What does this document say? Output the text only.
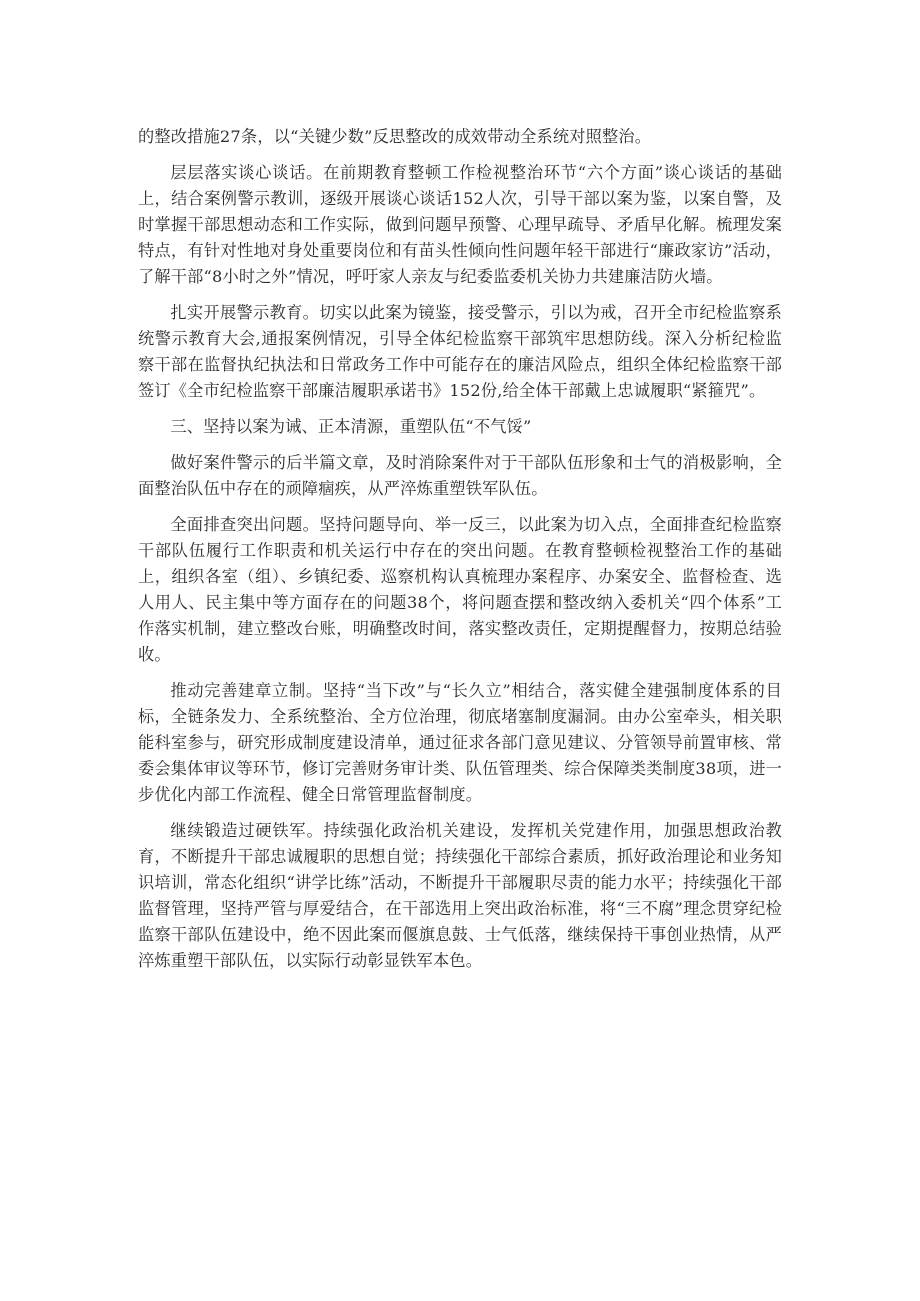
的整改措施27条，以“关键少数”反思整改的成效带动全系统对照整治。

层层落实谈心谈话。在前期教育整顿工作检视整治环节“六个方面”谈心谈话的基础上，结合案例警示教训，逐级开展谈心谈话152人次，引导干部以案为鉴，以案自警，及时掌握干部思想动态和工作实际，做到问题早预警、心理早疏导、矛盾早化解。梳理发案特点，有针对性地对身处重要岗位和有苗头性倾向性问题年轻干部进行“廉政家访”活动，了解干部“8小时之外”情况，呼吁家人亲友与纪委监委机关协力共建廉洁防火墙。

扎实开展警示教育。切实以此案为镜鉴，接受警示，引以为戒，召开全市纪检监察系统警示教育大会,通报案例情况，引导全体纪检监察干部筑牢思想防线。深入分析纪检监察干部在监督执纪执法和日常政务工作中可能存在的廉洁风险点，组织全体纪检监察干部签订《全市纪检监察干部廉洁履职承诺书》152份,给全体干部戴上忠诚履职“紧箍咒”。

三、坚持以案为诫、正本清源，重塑队伍“不气馁”

做好案件警示的后半篇文章，及时消除案件对于干部队伍形象和士气的消极影响，全面整治队伍中存在的顽障痼疾，从严淬炼重塑铁军队伍。

全面排查突出问题。坚持问题导向、举一反三，以此案为切入点，全面排查纪检监察干部队伍履行工作职责和机关运行中存在的突出问题。在教育整顿检视整治工作的基础上，组织各室（组）、乡镇纪委、巡察机构认真梳理办案程序、办案安全、监督检查、选人用人、民主集中等方面存在的问题38个，将问题查摆和整改纳入委机关“四个体系”工作落实机制，建立整改台账，明确整改时间，落实整改责任，定期提醒督力，按期总结验收。

推动完善建章立制。坚持“当下改”与“长久立”相结合，落实健全建强制度体系的目标，全链条发力、全系统整治、全方位治理，彻底堵塞制度漏洞。由办公室牵头，相关职能科室参与，研究形成制度建设清单，通过征求各部门意见建议、分管领导前置审核、常委会集体审议等环节，修订完善财务审计类、队伍管理类、综合保障类类制度38项，进一步优化内部工作流程、健全日常管理监督制度。

继续锻造过硬铁军。持续强化政治机关建设，发挥机关党建作用，加强思想政治教育，不断提升干部忠诚履职的思想自觉；持续强化干部综合素质，抓好政治理论和业务知识培训，常态化组织“讲学比练”活动，不断提升干部履职尽责的能力水平；持续强化干部监督管理，坚持严管与厚爱结合，在干部选用上突出政治标准，将“三不腐”理念贯穿纪检监察干部队伍建设中，绝不因此案而偃旗息鼓、士气低落，继续保持干事创业热情，从严淬炼重塑干部队伍，以实际行动彰显铁军本色。
